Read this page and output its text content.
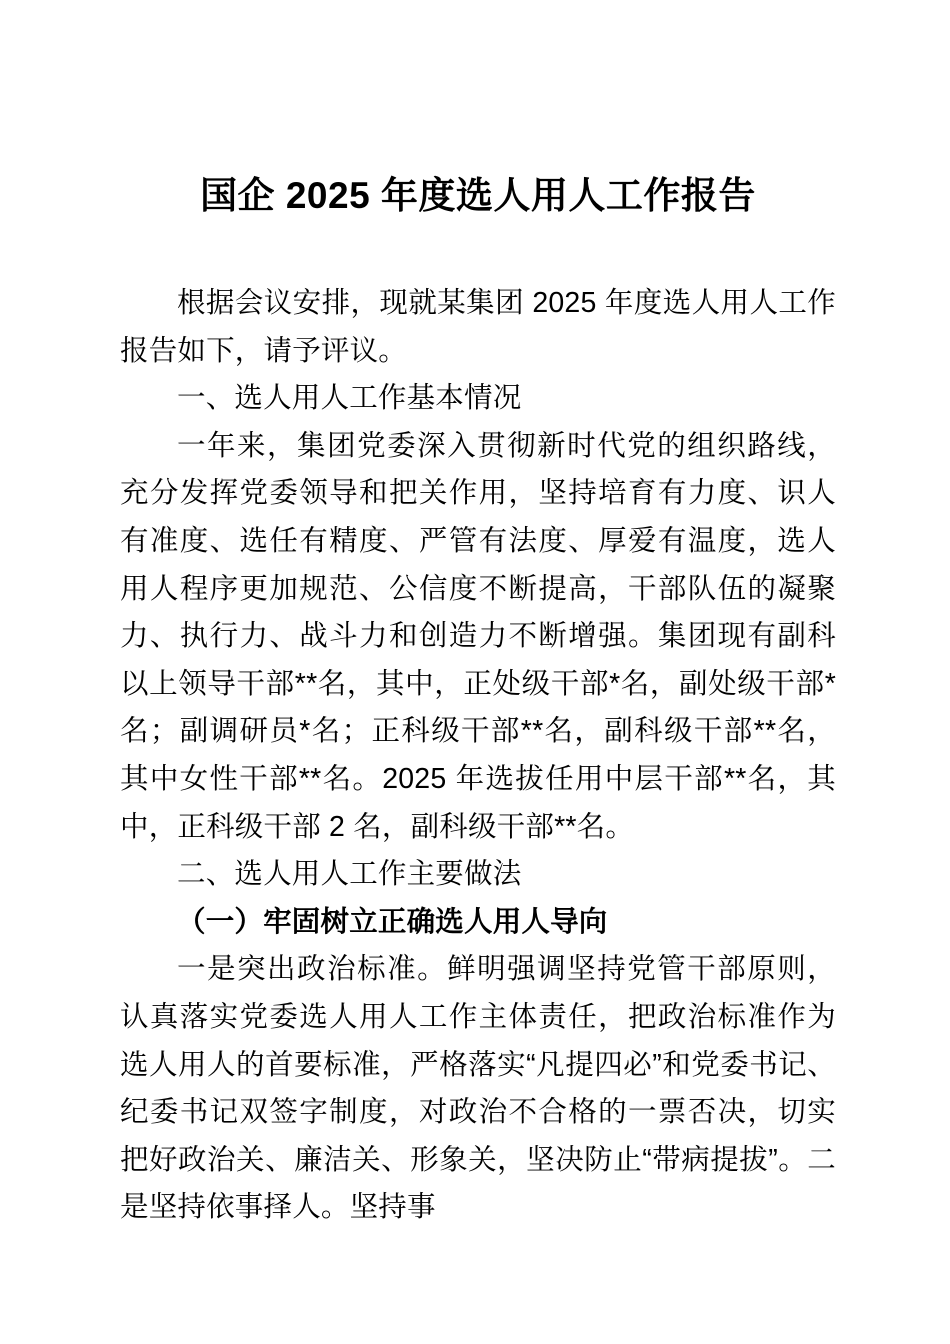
国企 2025 年度选人用人工作报告

根据会议安排，现就某集团 2025 年度选人用人工作报告如下，请予评议。

一、选人用人工作基本情况

一年来，集团党委深入贯彻新时代党的组织路线，充分发挥党委领导和把关作用，坚持培育有力度、识人有准度、选任有精度、严管有法度、厚爱有温度，选人用人程序更加规范、公信度不断提高，干部队伍的凝聚力、执行力、战斗力和创造力不断增强。集团现有副科以上领导干部**名，其中，正处级干部*名，副处级干部*名；副调研员*名；正科级干部**名，副科级干部**名，其中女性干部**名。2025 年选拔任用中层干部**名，其中，正科级干部 2 名，副科级干部**名。

二、选人用人工作主要做法

（一）牢固树立正确选人用人导向

一是突出政治标准。鲜明强调坚持党管干部原则，认真落实党委选人用人工作主体责任，把政治标准作为选人用人的首要标准，严格落实“凡提四必”和党委书记、纪委书记双签字制度，对政治不合格的一票否决，切实把好政治关、廉洁关、形象关，坚决防止“带病提拔”。二是坚持依事择人。坚持事
